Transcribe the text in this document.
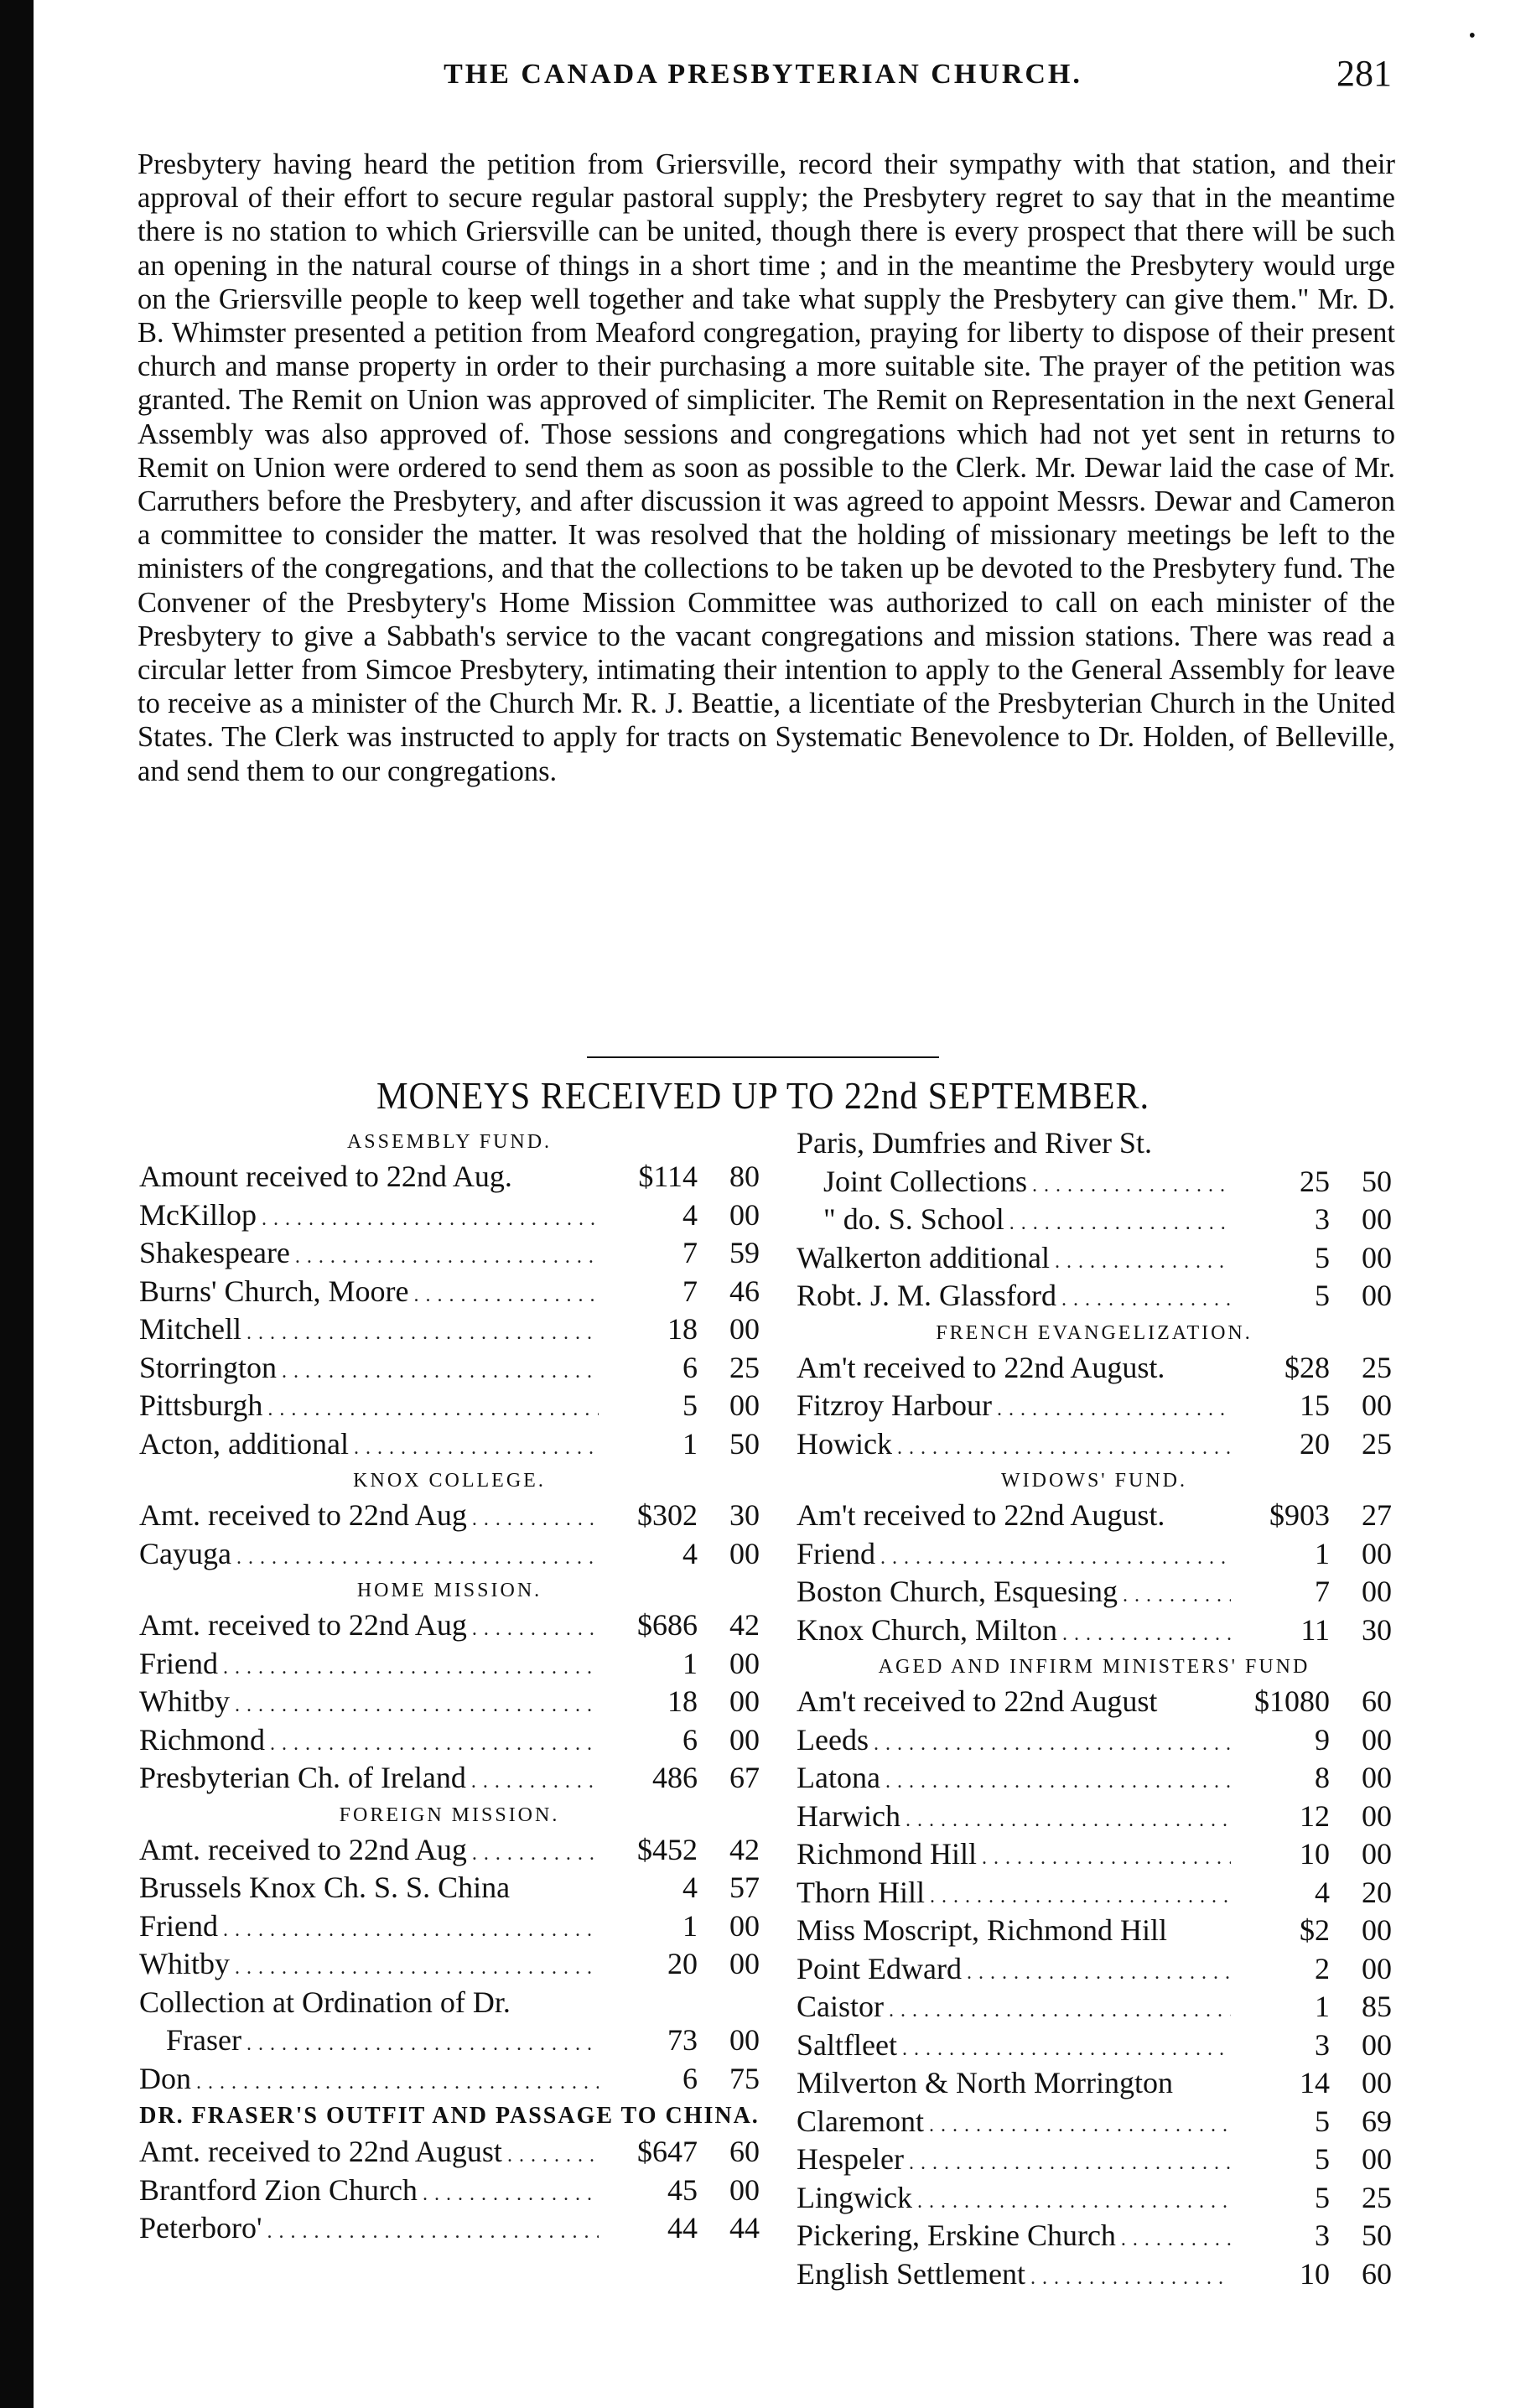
THE CANADA PRESBYTERIAN CHURCH.	281
•
Presbytery having heard the petition from Griersville, record their sympathy with that station, and their approval of their effort to secure regular pastoral supply; the Presbytery regret to say that in the meantime there is no station to which Griersville can be united, though there is every prospect that there will be such an opening in the natural course of things in a short time ; and in the meantime the Presbytery would urge on the Griersville people to keep well together and take what supply the Presbytery can give them." Mr. D. B. Whimster presented a petition from Meaford congregation, praying for liberty to dispose of their present church and manse property in order to their purchasing a more suitable site. The prayer of the petition was granted. The Remit on Union was approved of simpliciter. The Remit on Representation in the next General Assembly was also approved of. Those sessions and congregations which had not yet sent in returns to Remit on Union were ordered to send them as soon as possible to the Clerk. Mr. Dewar laid the case of Mr. Carruthers before the Presbytery, and after discussion it was agreed to appoint Messrs. Dewar and Cameron a committee to consider the matter. It was resolved that the holding of missionary meetings be left to the ministers of the congregations, and that the collections to be taken up be devoted to the Presbytery fund. The Convener of the Presbytery's Home Mission Committee was authorized to call on each minister of the Presbytery to give a Sabbath's service to the vacant congregations and mission stations. There was read a circular letter from Simcoe Presbytery, intimating their intention to apply to the General Assembly for leave to receive as a minister of the Church Mr. R. J. Beattie, a licentiate of the Presbyterian Church in the United States. The Clerk was instructed to apply for tracts on Systematic Benevolence to Dr. Holden, of Belleville, and send them to our congregations.
MONEYS RECEIVED UP TO 22nd SEPTEMBER.
ASSEMBLY FUND.
Amount received to 22nd Aug.	$114	80
McKillop . . .	4	00
Shakespeare . . .	7	59
Burns' Church, Moore . . .	7	46
Mitchell . . .	18	00
Storrington . . .	6	25
Pittsburgh . . .	5	00
Acton, additional . . .	1	50
KNOX COLLEGE.
Amt. received to 22nd Aug . . .	$302	30
Cayuga . . .	4	00
HOME MISSION.
Amt. received to 22nd Aug . . .	$686	42
Friend . . .	1	00
Whitby . . .	18	00
Richmond . . .	6	00
Presbyterian Ch. of Ireland . . .	486	67
FOREIGN MISSION.
Amt. received to 22nd Aug . . .	$452	42
Brussels Knox Ch. S. S. China	4	57
Friend . . .	1	00
Whitby . . .	20	00
Collection at Ordination of Dr.
Fraser . . .	73	00
Don . . .	6	75
DR. FRASER'S OUTFIT AND PASSAGE TO CHINA.
Amt. received to 22nd August . . .	$647	60
Brantford Zion Church . . .	45	00
Peterboro' . . .	44	44
Paris, Dumfries and River St.
Joint Collections . . .	25	50
" do. S. School . . .	3	00
Walkerton additional . . .	5	00
Robt. J. M. Glassford . . .	5	00
FRENCH EVANGELIZATION.
Am't received to 22nd August.	$28	25
Fitzroy Harbour . . .	15	00
Howick . . .	20	25
WIDOWS' FUND.
Am't received to 22nd August.	$903	27
Friend . . .	1	00
Boston Church, Esquesing . . .	7	00
Knox Church, Milton . . .	11	30
AGED AND INFIRM MINISTERS' FUND
Am't received to 22nd August	$1080	60
Leeds . . .	9	00
Latona . . .	8	00
Harwich . . .	12	00
Richmond Hill . . .	10	00
Thorn Hill . . .	4	20
Miss Moscript, Richmond Hill	$2	00
Point Edward . . .	2	00
Caistor . . .	1	85
Saltfleet . . .	3	00
Milverton & North Morrington	14	00
Claremont . . .	5	69
Hespeler . . .	5	00
Lingwick . . .	5	25
Pickering, Erskine Church . . .	3	50
English Settlement . . .	10	60
